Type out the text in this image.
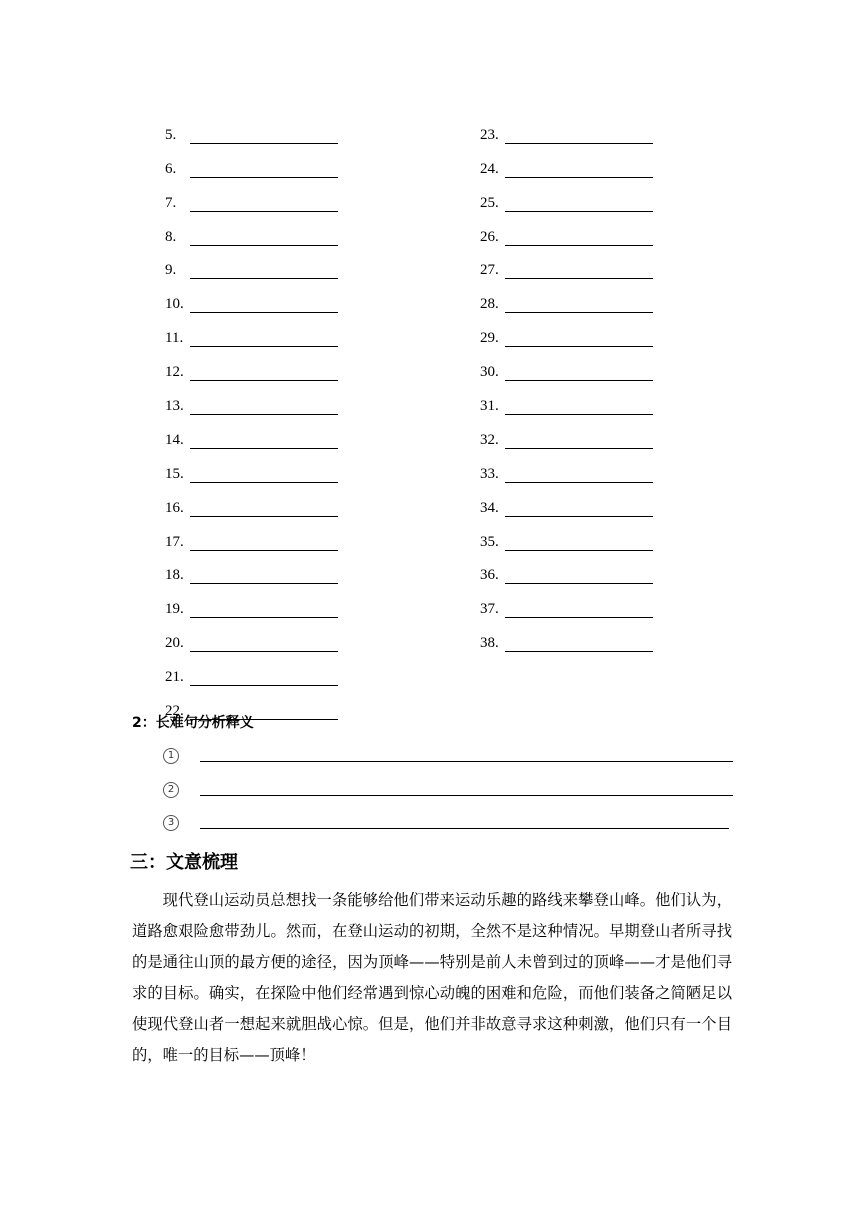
5.
6.
7.
8.
9.
10.
11.
12.
13.
14.
15.
16.
17.
18.
19.
20.
21.
22.
23.
24.
25.
26.
27.
28.
29.
30.
31.
32.
33.
34.
35.
36.
37.
38.
2：长难句分析释义
1
2
3
三：文意梳理

现代登山运动员总想找一条能够给他们带来运动乐趣的路线来攀登山峰。他们认为，道路愈艰险愈带劲儿。然而，在登山运动的初期，全然不是这种情况。早期登山者所寻找的是通往山顶的最方便的途径，因为顶峰——特别是前人未曾到过的顶峰——才是他们寻求的目标。确实，在探险中他们经常遇到惊心动魄的困难和危险，而他们装备之简陋足以使现代登山者一想起来就胆战心惊。但是，他们并非故意寻求这种刺激，他们只有一个目的，唯一的目标——顶峰！
